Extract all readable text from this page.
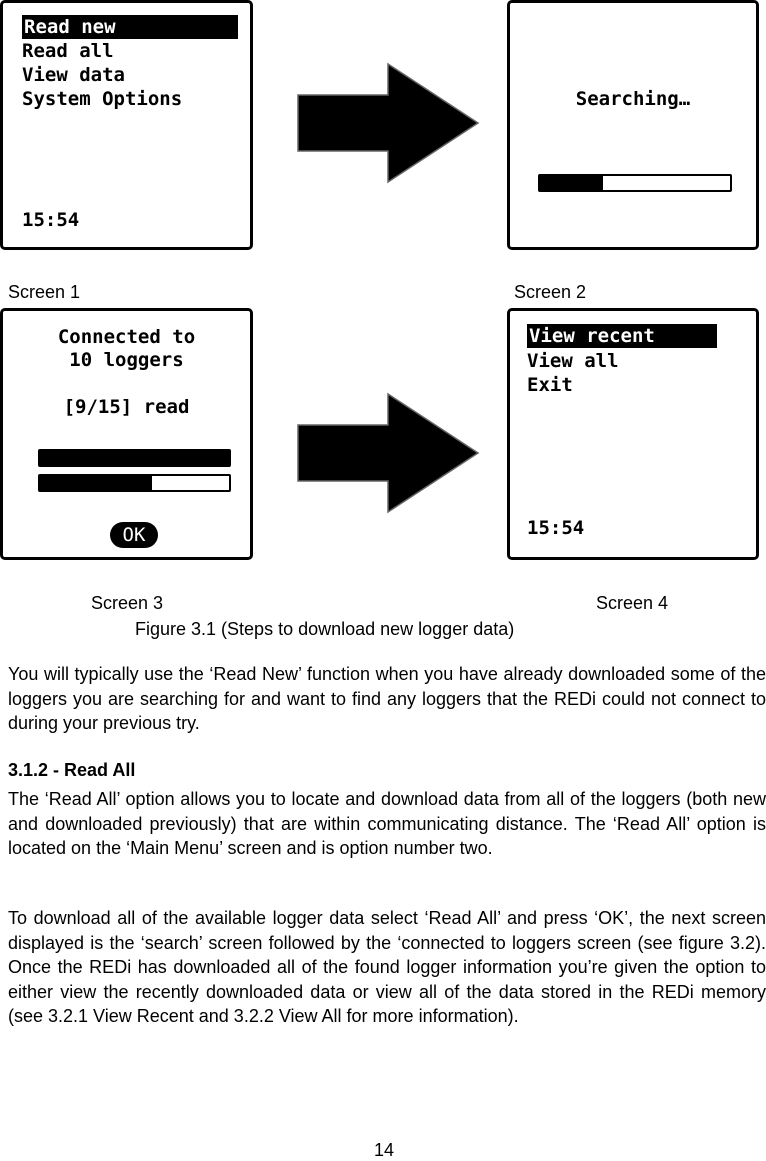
Read new
Read all
View data
System Options
15:54
Searching…
Screen 1	Screen 2
Connected to
10 loggers
[9/15] read
OK
View recent
View all
Exit
15:54
Screen 3	Screen 4
Figure 3.1 (Steps to download new logger data)
You will typically use the ‘Read New’ function when you have already downloaded some of the loggers you are searching for and want to find any loggers that the REDi could not connect to during your previous try.
3.1.2 - Read All
The ‘Read All’ option allows you to locate and download data from all of the loggers (both new and downloaded previously) that are within communicating distance. The ‘Read All’ option is located on the ‘Main Menu’ screen and is option number two.
To download all of the available logger data select ‘Read All’ and press ‘OK’, the next screen displayed is the ‘search’ screen followed by the ‘connected to loggers screen (see figure 3.2). Once the REDi has downloaded all of the found logger information you’re given the option to either view the recently downloaded data or view all of the data stored in the REDi memory (see 3.2.1 View Recent and 3.2.2 View All for more information).
14
